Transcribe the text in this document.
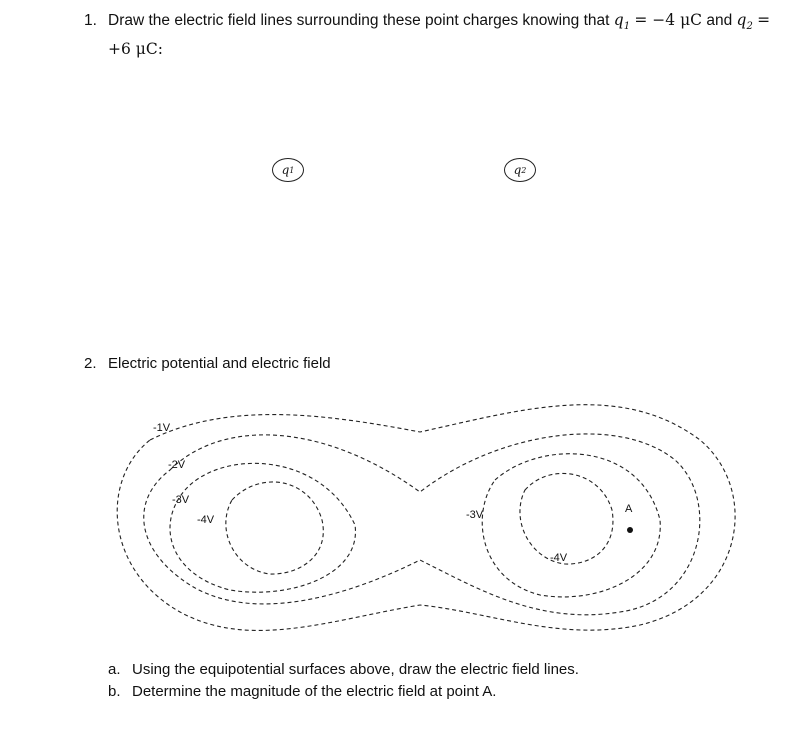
1. Draw the electric field lines surrounding these point charges knowing that $q_1 = -4$ μC and $q_2$ =
+6 μC:
q 1	q 2
2. Electric potential and electric field
-1V
-2V
-3V
-4V	-3V
-4V
A
a. Using the equipotential surfaces above, draw the electric field lines.
b. Determine the magnitude of the electric field at point A.
